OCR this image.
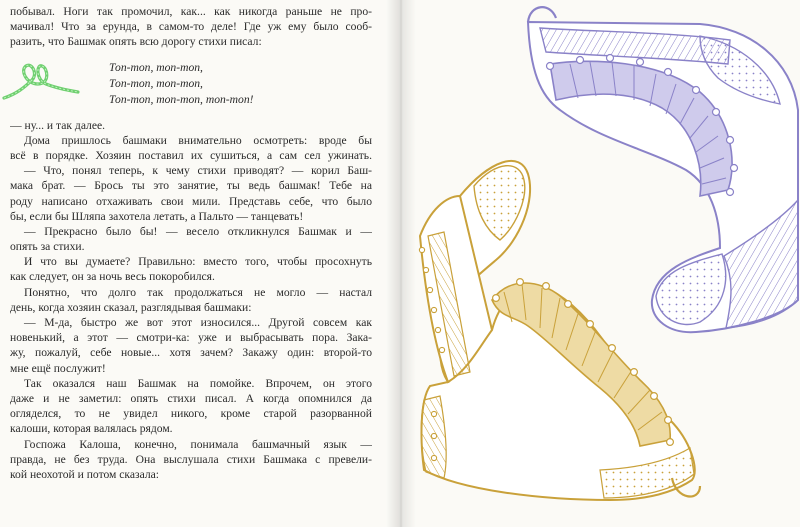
побывал. Ноги так промочил, как... как никогда раньше не про-
мачивал! Что за ерунда, в самом-то деле! Где уж ему было сооб-
разить, что Башмак опять всю дорогу стихи писал:
Топ-топ, топ-топ,
Топ-топ, топ-топ,
Топ-топ, топ-топ, топ-топ!
— ну... и так далее.
Дома пришлось башмаки внимательно осмотреть: вроде бы
всё в порядке. Хозяин поставил их сушиться, а сам сел ужинать.
— Что, понял теперь, к чему стихи приводят? — корил Баш-
мака брат. — Брось ты это занятие, ты ведь башмак! Тебе на
роду написано отхаживать свои мили. Представь себе, что было
бы, если бы Шляпа захотела летать, а Пальто — танцевать!
— Прекрасно было бы! — весело откликнулся Башмак и —
опять за стихи.
И что вы думаете? Правильно: вместо того, чтобы просохнуть
как следует, он за ночь весь покоробился.
Понятно, что долго так продолжаться не могло — настал
день, когда хозяин сказал, разглядывая башмаки:
— М-да, быстро же вот этот износился... Другой совсем как
новенький, а этот — смотри-ка: уже и выбрасывать пора. Зака-
жу, пожалуй, себе новые... хотя зачем? Закажу один: второй-то
мне ещё послужит!
Так оказался наш Башмак на помойке. Впрочем, он этого
даже и не заметил: опять стихи писал. А когда опомнился да
огляделся, то не увидел никого, кроме старой разорванной
калоши, которая валялась рядом.
Госпожа Калоша, конечно, понимала башмачный язык —
правда, не без труда. Она выслушала стихи Башмака с превели-
кой неохотой и потом сказала:
